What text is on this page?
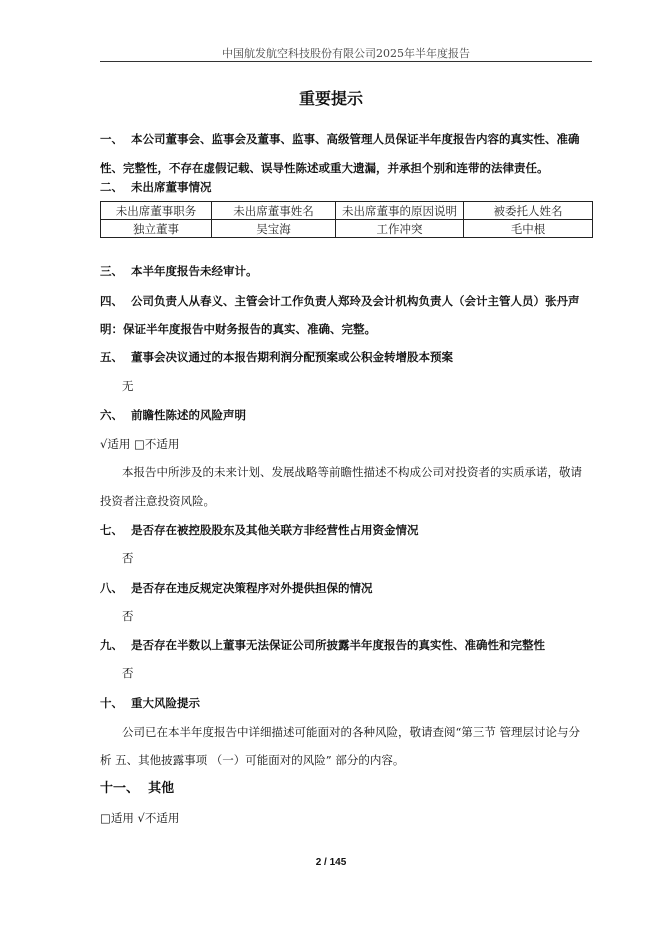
中国航发航空科技股份有限公司2025年半年度报告
重要提示
一、 本公司董事会、监事会及董事、监事、高级管理人员保证半年度报告内容的真实性、准确
性、完整性，不存在虚假记载、误导性陈述或重大遗漏，并承担个别和连带的法律责任。
二、 未出席董事情况
未出席董事职务	未出席董事姓名	未出席董事的原因说明	被委托人姓名
独立董事	吴宝海	工作冲突	毛中根
三、 本半年度报告未经审计。
四、 公司负责人从春义、主管会计工作负责人郑玲及会计机构负责人（会计主管人员）张丹声
明：保证半年度报告中财务报告的真实、准确、完整。
五、 董事会决议通过的本报告期利润分配预案或公积金转增股本预案
无
六、 前瞻性陈述的风险声明
√适用 □不适用
本报告中所涉及的未来计划、发展战略等前瞻性描述不构成公司对投资者的实质承诺，敬请
投资者注意投资风险。
七、 是否存在被控股股东及其他关联方非经营性占用资金情况
否
八、 是否存在违反规定决策程序对外提供担保的情况
否
九、 是否存在半数以上董事无法保证公司所披露半年度报告的真实性、准确性和完整性
否
十、 重大风险提示
公司已在本半年度报告中详细描述可能面对的各种风险，敬请查阅“第三节 管理层讨论与分
析 五、其他披露事项 （一）可能面对的风险” 部分的内容。
十一、 其他
□适用 √不适用
2 / 145
